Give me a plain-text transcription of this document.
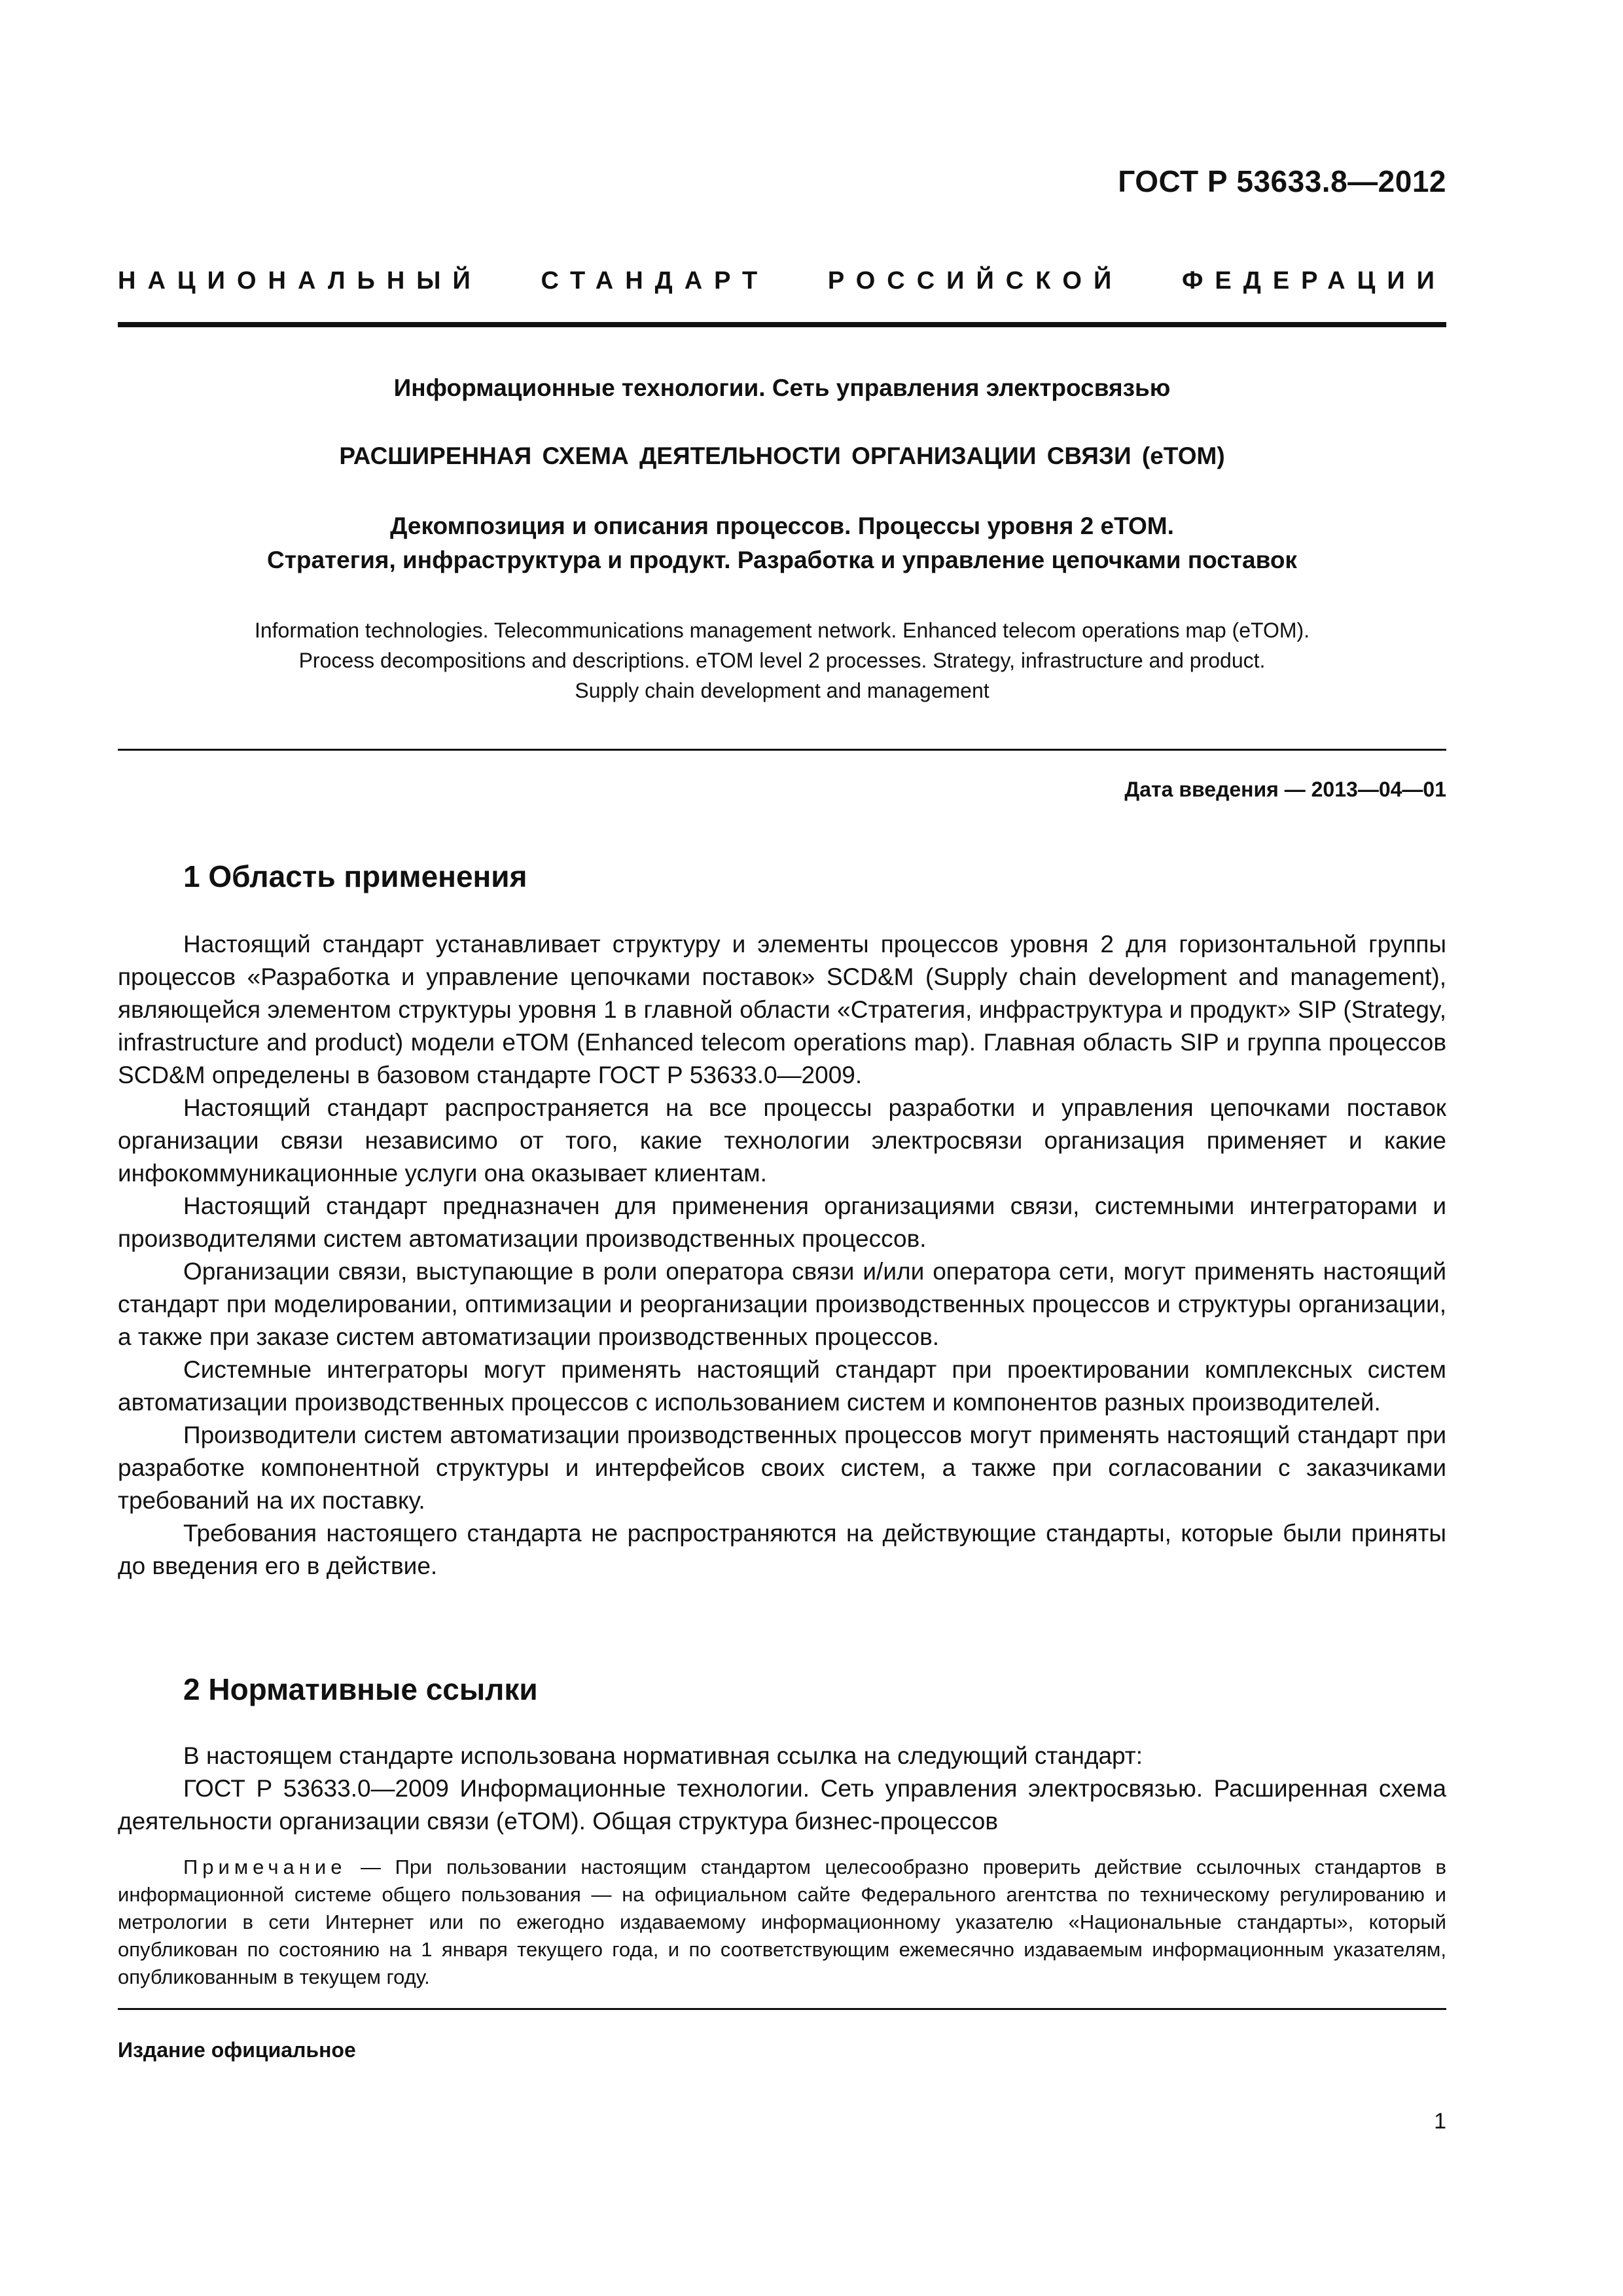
ГОСТ Р 53633.8—2012
НАЦИОНАЛЬНЫЙ СТАНДАРТ РОССИЙСКОЙ ФЕДЕРАЦИИ
Информационные технологии. Сеть управления электросвязью
РАСШИРЕННАЯ СХЕМА ДЕЯТЕЛЬНОСТИ ОРГАНИЗАЦИИ СВЯЗИ (eTOM)
Декомпозиция и описания процессов. Процессы уровня 2 eTOM.
Стратегия, инфраструктура и продукт. Разработка и управление цепочками поставок
Information technologies. Telecommunications management network. Enhanced telecom operations map (eTOM).
Process decompositions and descriptions. eTOM level 2 processes. Strategy, infrastructure and product.
Supply chain development and management
Дата введения — 2013—04—01
1 Область применения

Настоящий стандарт устанавливает структуру и элементы процессов уровня 2 для горизонтальной группы процессов «Разработка и управление цепочками поставок» SCD&M (Supply chain development and management), являющейся элементом структуры уровня 1 в главной области «Стратегия, инфраструктура и продукт» SIP (Strategy, infrastructure and product) модели eTOM (Enhanced telecom operations map). Главная область SIP и группа процессов SCD&M определены в базовом стандарте ГОСТ Р 53633.0—2009.

Настоящий стандарт распространяется на все процессы разработки и управления цепочками поставок организации связи независимо от того, какие технологии электросвязи организация применяет и какие инфокоммуникационные услуги она оказывает клиентам.

Настоящий стандарт предназначен для применения организациями связи, системными интеграторами и производителями систем автоматизации производственных процессов.

Организации связи, выступающие в роли оператора связи и/или оператора сети, могут применять настоящий стандарт при моделировании, оптимизации и реорганизации производственных процессов и структуры организации, а также при заказе систем автоматизации производственных процессов.

Системные интеграторы могут применять настоящий стандарт при проектировании комплексных систем автоматизации производственных процессов с использованием систем и компонентов разных производителей.

Производители систем автоматизации производственных процессов могут применять настоящий стандарт при разработке компонентной структуры и интерфейсов своих систем, а также при согласовании с заказчиками требований на их поставку.

Требования настоящего стандарта не распространяются на действующие стандарты, которые были приняты до введения его в действие.

2 Нормативные ссылки

В настоящем стандарте использована нормативная ссылка на следующий стандарт:

ГОСТ Р 53633.0—2009 Информационные технологии. Сеть управления электросвязью. Расширенная схема деятельности организации связи (eTOM). Общая структура бизнес-процессов

Примечание — При пользовании настоящим стандартом целесообразно проверить действие ссылочных стандартов в информационной системе общего пользования — на официальном сайте Федерального агентства по техническому регулированию и метрологии в сети Интернет или по ежегодно издаваемому информационному указателю «Национальные стандарты», который опубликован по состоянию на 1 января текущего года, и по соответствующим ежемесячно издаваемым информационным указателям, опубликованным в текущем году.

Издание официальное
1
